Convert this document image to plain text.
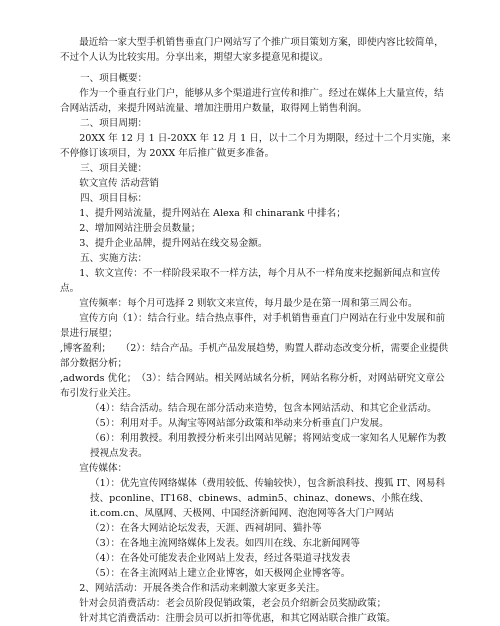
最近给一家大型手机销售垂直门户网站写了个推广项目策划方案，即使内容比较简单，不过个人认为比较实用。分享出来，期望大家多提意见和提议。

一、项目概要：

作为一个垂直行业门户，能够从多个渠道进行宣传和推广。经过在媒体上大量宣传，结合网站活动，来提升网站流量、增加注册用户数量，取得网上销售利润。

二、项目周期：

20XX 年 12 月 1 日-20XX 年 12 月 1 日，以十二个月为期限，经过十二个月实施，来不停修订该项目，为 20XX 年后推广做更多准备。

三、项目关键：

软文宣传 活动营销

四、项目目标：

1、提升网站流量，提升网站在 Alexa 和 chinarank 中排名；

2、增加网站注册会员数量；

3、提升企业品牌，提升网站在线交易金额。

五、实施方法：

1、软文宣传：不一样阶段采取不一样方法，每个月从不一样角度来挖掘新闻点和宣传点。

宣传频率：每个月可选择 2 则软文来宣传，每月最少是在第一周和第三周公布。

宣传方向（1）：结合行业。结合热点事件，对手机销售垂直门户网站在行业中发展和前景进行展望；

,博客盈利；　　（2）：结合产品。手机产品发展趋势，购置人群动态改变分析，需要企业提供部分数据分析；

,adwords 优化；　（3）：结合网站。相关网站域名分析，网站名称分析，对网站研究文章公布引发行业关注。

（4）：结合活动。结合现在部分活动来造势，包含本网站活动、和其它企业活动。

（5）：利用对手。从淘宝等网站部分政策和举动来分析垂直门户发展。

（6）：利用教授。利用教授分析来引出网站见解；将网站变成一家知名人见解作为教授视点发表。

宣传媒体：

（1）：优先宣传网络媒体（费用较低、传输较快），包含新浪科技、搜狐 IT、网易科技、pconline、IT168、cbinews、admin5、chinaz、donews、小熊在线、it.com.cn、凤凰网、天极网、中国经济新闻网、泡泡网等各大门户网站

（2）：在各大网站论坛发表，天涯、西祠胡同、猫扑等

（3）：在各地主流网络媒体上发表。如四川在线、东北新闻网等

（4）：在各处可能发表企业网站上发表，经过各渠道寻找发表

（5）：在各主流网站上建立企业博客，如天极网企业博客等。

2、网站活动：开展各类合作和活动来刺激大家更多关注。

针对会员消费活动：老会员阶段促销政策，老会员介绍新会员奖励政策；

针对其它消费活动：注册会员可以折扣等优惠，和其它网站联合推广政策。
